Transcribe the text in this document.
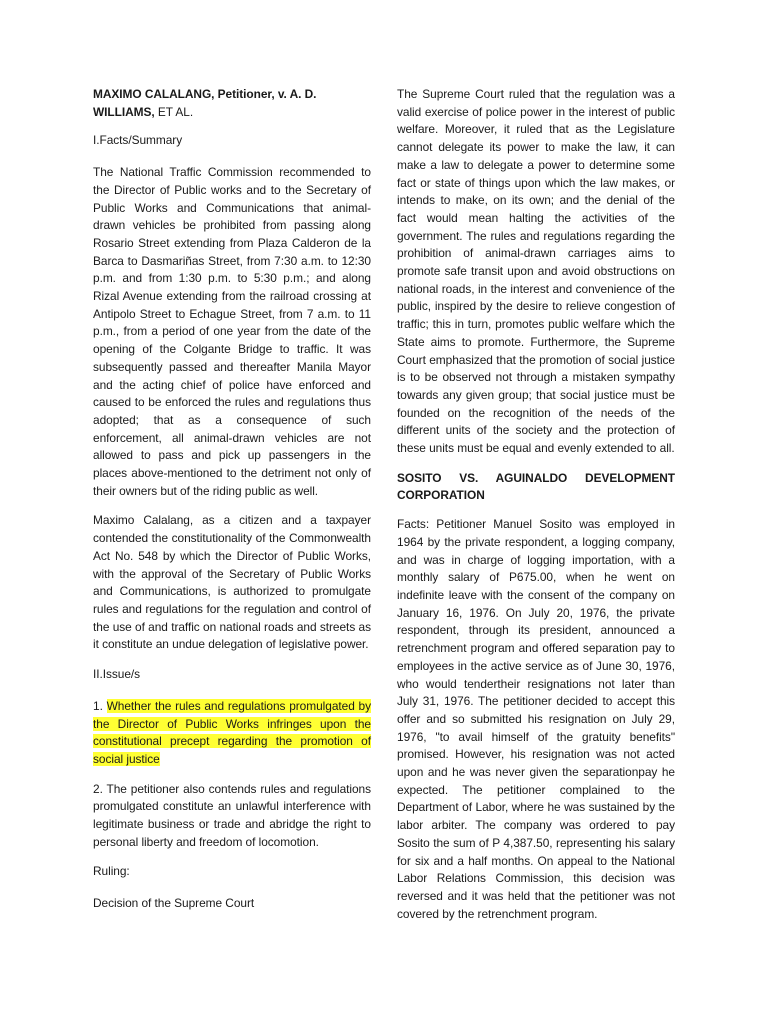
MAXIMO CALALANG, Petitioner, v. A. D. WILLIAMS, ET AL.

I.Facts/Summary

The National Traffic Commission recommended to the Director of Public works and to the Secretary of Public Works and Communications that animal-drawn vehicles be prohibited from passing along Rosario Street extending from Plaza Calderon de la Barca to Dasmariñas Street, from 7:30 a.m. to 12:30 p.m. and from 1:30 p.m. to 5:30 p.m.; and along Rizal Avenue extending from the railroad crossing at Antipolo Street to Echague Street, from 7 a.m. to 11 p.m., from a period of one year from the date of the opening of the Colgante Bridge to traffic. It was subsequently passed and thereafter Manila Mayor and the acting chief of police have enforced and caused to be enforced the rules and regulations thus adopted; that as a consequence of such enforcement, all animal-drawn vehicles are not allowed to pass and pick up passengers in the places above-mentioned to the detriment not only of their owners but of the riding public as well.

Maximo Calalang, as a citizen and a taxpayer contended the constitutionality of the Commonwealth Act No. 548 by which the Director of Public Works, with the approval of the Secretary of Public Works and Communications, is authorized to promulgate rules and regulations for the regulation and control of the use of and traffic on national roads and streets as it constitute an undue delegation of legislative power.

II.Issue/s

1. Whether the rules and regulations promulgated by the Director of Public Works infringes upon the constitutional precept regarding the promotion of social justice

2. The petitioner also contends rules and regulations promulgated constitute an unlawful interference with legitimate business or trade and abridge the right to personal liberty and freedom of locomotion.

Ruling:

Decision of the Supreme Court

The Supreme Court ruled that the regulation was a valid exercise of police power in the interest of public welfare. Moreover, it ruled that as the Legislature cannot delegate its power to make the law, it can make a law to delegate a power to determine some fact or state of things upon which the law makes, or intends to make, on its own; and the denial of the fact would mean halting the activities of the government. The rules and regulations regarding the prohibition of animal-drawn carriages aims to promote safe transit upon and avoid obstructions on national roads, in the interest and convenience of the public, inspired by the desire to relieve congestion of traffic; this in turn, promotes public welfare which the State aims to promote. Furthermore, the Supreme Court emphasized that the promotion of social justice is to be observed not through a mistaken sympathy towards any given group; that social justice must be founded on the recognition of the needs of the different units of the society and the protection of these units must be equal and evenly extended to all.

SOSITO VS. AGUINALDO DEVELOPMENT CORPORATION

Facts: Petitioner Manuel Sosito was employed in 1964 by the private respondent, a logging company, and was in charge of logging importation, with a monthly salary of P675.00, when he went on indefinite leave with the consent of the company on January 16, 1976. On July 20, 1976, the private respondent, through its president, announced a retrenchment program and offered separation pay to employees in the active service as of June 30, 1976, who would tendertheir resignations not later than July 31, 1976. The petitioner decided to accept this offer and so submitted his resignation on July 29, 1976, "to avail himself of the gratuity benefits" promised. However, his resignation was not acted upon and he was never given the separationpay he expected. The petitioner complained to the Department of Labor, where he was sustained by the labor arbiter. The company was ordered to pay Sosito the sum of P 4,387.50, representing his salary for six and a half months. On appeal to the National Labor Relations Commission, this decision was reversed and it was held that the petitioner was not covered by the retrenchment program.
